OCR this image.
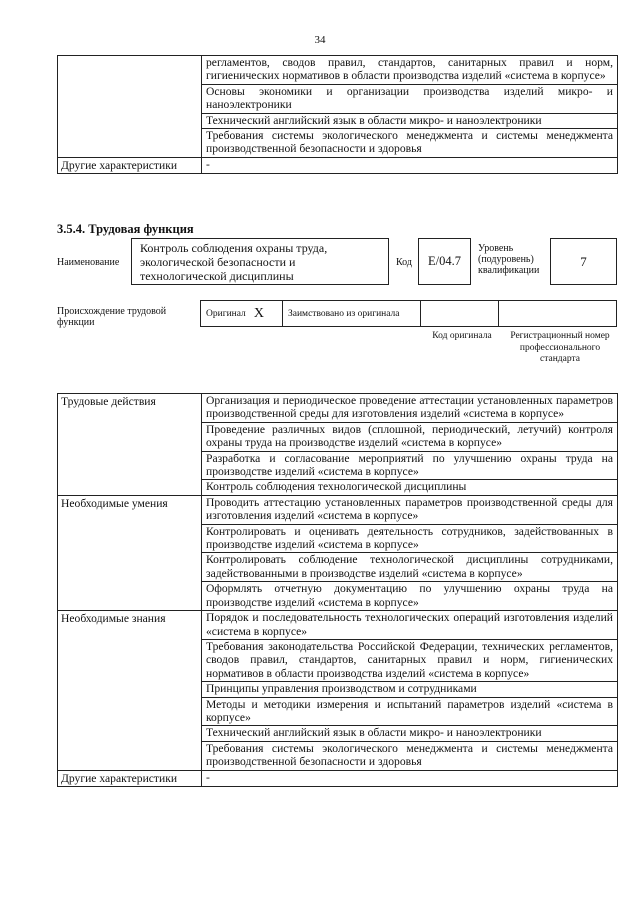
34
	регламентов, сводов правил, стандартов, санитарных правил и норм, гигиенических нормативов в области производства изделий «система в корпусе»
	Основы экономики и организации производства изделий микро- и наноэлектроники
	Технический английский язык в области микро- и наноэлектроники
	Требования системы экологического менеджмента и системы менеджмента производственной безопасности и здоровья
Другие характеристики	-
3.5.4. Трудовая функция
Наименование
Контроль соблюдения охраны труда, экологической безопасности и технологической дисциплины
Код	E/04.7
Уровень (подуровень) квалификации
7
Происхождение трудовой функции
Оригинал X	Заимствовано из оригинала
Код оригинала	Регистрационный номер профессионального стандарта
Трудовые действия	Организация и периодическое проведение аттестации установленных параметров производственной среды для изготовления изделий «система в корпусе»
	Проведение различных видов (сплошной, периодический, летучий) контроля охраны труда на производстве изделий «система в корпусе»
	Разработка и согласование мероприятий по улучшению охраны труда на производстве изделий «система в корпусе»
	Контроль соблюдения технологической дисциплины
Необходимые умения	Проводить аттестацию установленных параметров производственной среды для изготовления изделий «система в корпусе»
	Контролировать и оценивать деятельность сотрудников, задействованных в производстве изделий «система в корпусе»
	Контролировать соблюдение технологической дисциплины сотрудниками, задействованными в производстве изделий «система в корпусе»
	Оформлять отчетную документацию по улучшению охраны труда на производстве изделий «система в корпусе»
Необходимые знания	Порядок и последовательность технологических операций изготовления изделий «система в корпусе»
	Требования законодательства Российской Федерации, технических регламентов, сводов правил, стандартов, санитарных правил и норм, гигиенических нормативов в области производства изделий «система в корпусе»
	Принципы управления производством и сотрудниками
	Методы и методики измерения и испытаний параметров изделий «система в корпусе»
	Технический английский язык в области микро- и наноэлектроники
	Требования системы экологического менеджмента и системы менеджмента производственной безопасности и здоровья
Другие характеристики	-
